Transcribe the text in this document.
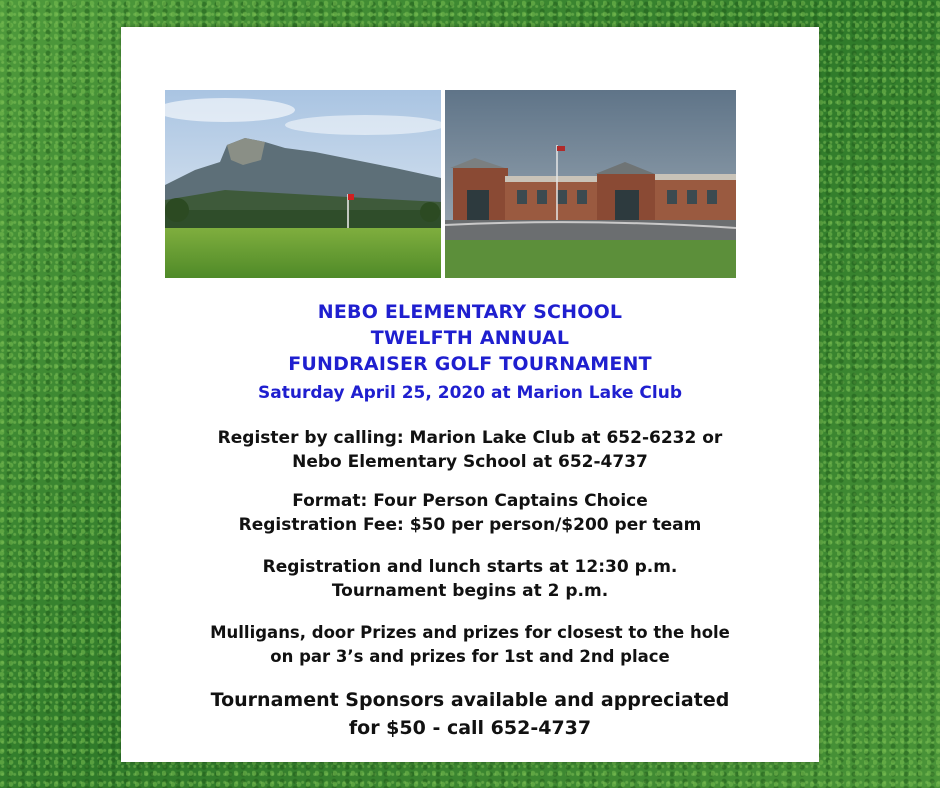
NEBO ELEMENTARY SCHOOL
TWELFTH ANNUAL
FUNDRAISER GOLF TOURNAMENT
Saturday April 25, 2020 at Marion Lake Club
Register by calling: Marion Lake Club at 652-6232 or
Nebo Elementary School at 652-4737
Format: Four Person Captains Choice
Registration Fee: $50 per person/$200 per team
Registration and lunch starts at 12:30 p.m.
Tournament begins at 2 p.m.
Mulligans, door Prizes and prizes for closest to the hole
on par 3’s and prizes for 1st and 2nd place
Tournament Sponsors available and appreciated
for $50 - call 652-4737
